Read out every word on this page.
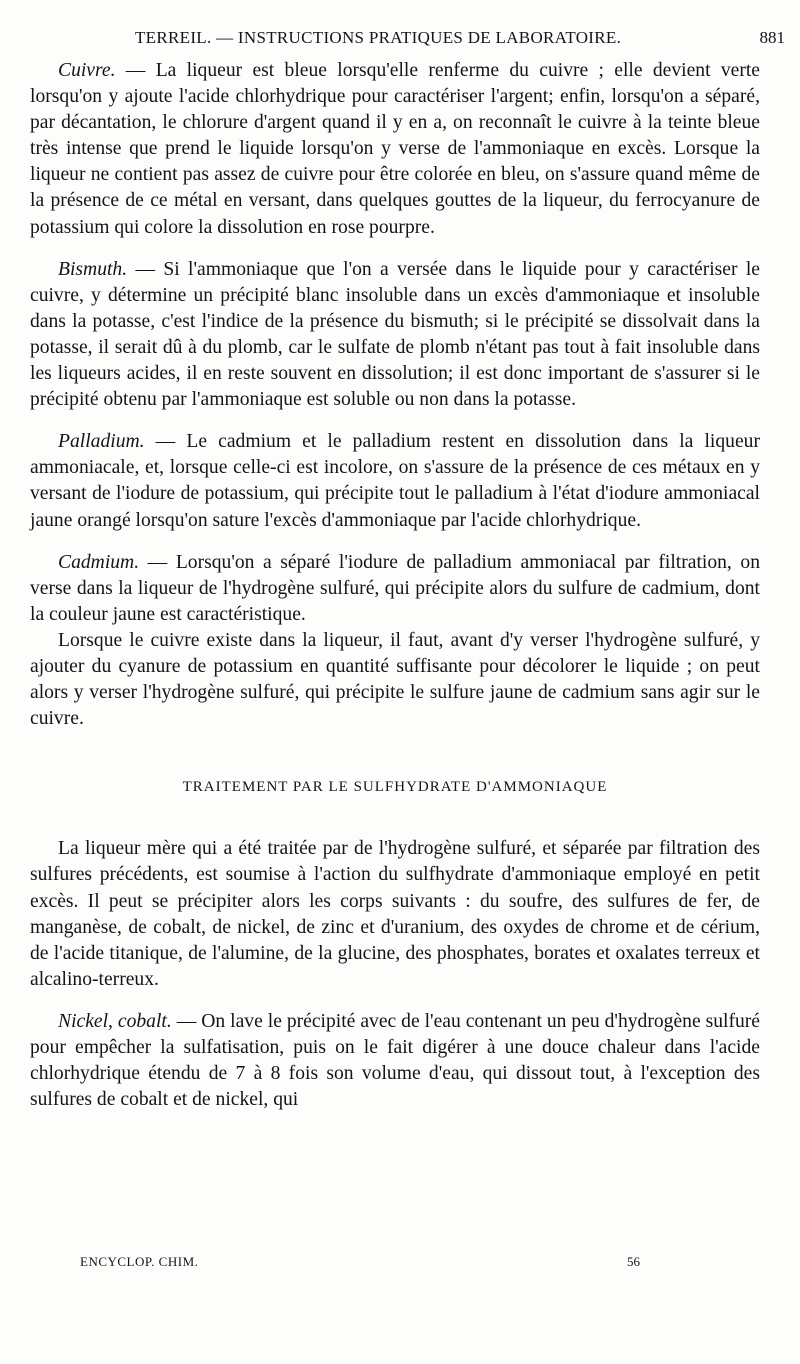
TERREIL. — INSTRUCTIONS PRATIQUES DE LABORATOIRE.	881

Cuivre. — La liqueur est bleue lorsqu'elle renferme du cuivre ; elle devient verte lorsqu'on y ajoute l'acide chlorhydrique pour caractériser l'argent; enfin, lorsqu'on a séparé, par décantation, le chlorure d'argent quand il y en a, on reconnaît le cuivre à la teinte bleue très intense que prend le liquide lorsqu'on y verse de l'ammoniaque en excès. Lorsque la liqueur ne contient pas assez de cuivre pour être colorée en bleu, on s'assure quand même de la présence de ce métal en versant, dans quelques gouttes de la liqueur, du ferrocyanure de potassium qui colore la dissolution en rose pourpre.

Bismuth. — Si l'ammoniaque que l'on a versée dans le liquide pour y caractériser le cuivre, y détermine un précipité blanc insoluble dans un excès d'ammoniaque et insoluble dans la potasse, c'est l'indice de la présence du bismuth; si le précipité se dissolvait dans la potasse, il serait dû à du plomb, car le sulfate de plomb n'étant pas tout à fait insoluble dans les liqueurs acides, il en reste souvent en dissolution; il est donc important de s'assurer si le précipité obtenu par l'ammoniaque est soluble ou non dans la potasse.

Palladium. — Le cadmium et le palladium restent en dissolution dans la liqueur ammoniacale, et, lorsque celle-ci est incolore, on s'assure de la présence de ces métaux en y versant de l'iodure de potassium, qui précipite tout le palladium à l'état d'iodure ammoniacal jaune orangé lorsqu'on sature l'excès d'ammoniaque par l'acide chlorhydrique.

Cadmium. — Lorsqu'on a séparé l'iodure de palladium ammoniacal par filtration, on verse dans la liqueur de l'hydrogène sulfuré, qui précipite alors du sulfure de cadmium, dont la couleur jaune est caractéristique.

Lorsque le cuivre existe dans la liqueur, il faut, avant d'y verser l'hydrogène sulfuré, y ajouter du cyanure de potassium en quantité suffisante pour décolorer le liquide ; on peut alors y verser l'hydrogène sulfuré, qui précipite le sulfure jaune de cadmium sans agir sur le cuivre.

TRAITEMENT PAR LE SULFHYDRATE D'AMMONIAQUE

La liqueur mère qui a été traitée par de l'hydrogène sulfuré, et séparée par filtration des sulfures précédents, est soumise à l'action du sulfhydrate d'ammoniaque employé en petit excès. Il peut se précipiter alors les corps suivants : du soufre, des sulfures de fer, de manganèse, de cobalt, de nickel, de zinc et d'uranium, des oxydes de chrome et de cérium, de l'acide titanique, de l'alumine, de la glucine, des phosphates, borates et oxalates terreux et alcalino-terreux.

Nickel, cobalt. — On lave le précipité avec de l'eau contenant un peu d'hydrogène sulfuré pour empêcher la sulfatisation, puis on le fait digérer à une douce chaleur dans l'acide chlorhydrique étendu de 7 à 8 fois son volume d'eau, qui dissout tout, à l'exception des sulfures de cobalt et de nickel, qui

ENCYCLOP. CHIM.	56
